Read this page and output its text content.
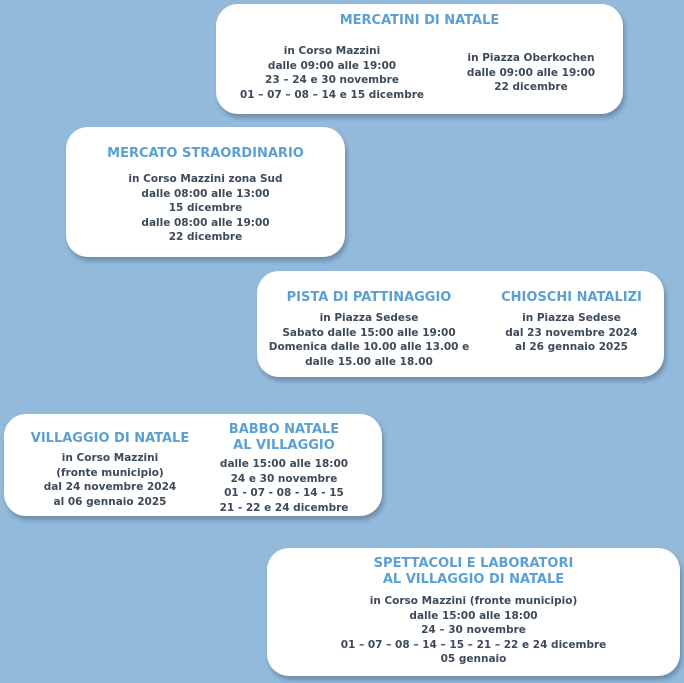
MERCATINI DI NATALE
in Corso Mazzini
dalle 09:00 alle 19:00
23 – 24 e 30 novembre
01 – 07 – 08 – 14 e 15 dicembre
in Piazza Oberkochen
dalle 09:00 alle 19:00
22 dicembre
MERCATO STRAORDINARIO
in Corso Mazzini zona Sud
dalle 08:00 alle 13:00
15 dicembre
dalle 08:00 alle 19:00
22 dicembre
PISTA DI PATTINAGGIO
in Piazza Sedese
Sabato dalle 15:00 alle 19:00
Domenica dalle 10.00 alle 13.00 e
dalle 15.00 alle 18.00
CHIOSCHI NATALIZI
in Piazza Sedese
dal 23 novembre 2024
al 26 gennaio 2025
VILLAGGIO DI NATALE
in Corso Mazzini
(fronte municipio)
dal 24 novembre 2024
al 06 gennaio 2025
BABBO NATALE
AL VILLAGGIO
dalle 15:00 alle 18:00
24 e 30 novembre
01 - 07 - 08 - 14 - 15
21 - 22 e 24 dicembre
SPETTACOLI E LABORATORI
AL VILLAGGIO DI NATALE
in Corso Mazzini (fronte municipio)
dalle 15:00 alle 18:00
24 – 30 novembre
01 – 07 – 08 – 14 – 15 – 21 – 22 e 24 dicembre
05 gennaio
